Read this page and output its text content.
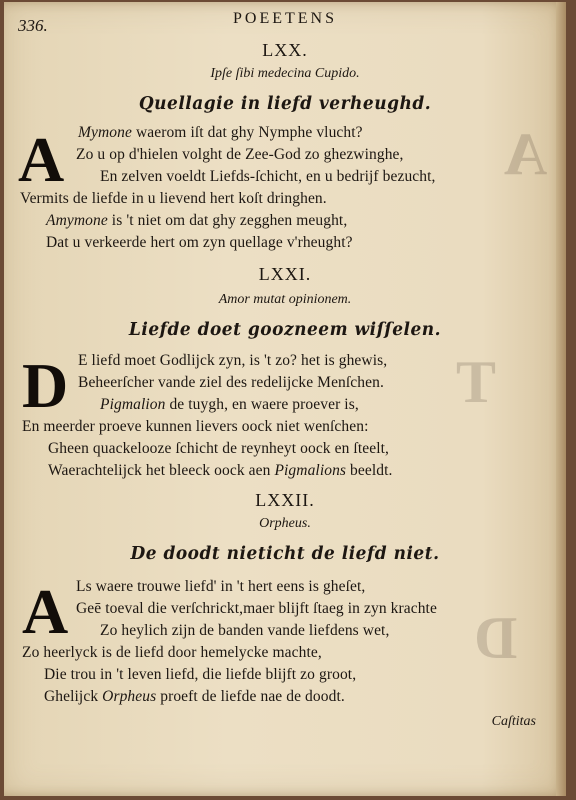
A
T
D
336.	POEETENS
LXX.
Ipſe ſibi medecina Cupido.
Quellagie in liefd verheughd.
A Mymone waerom iſt dat ghy Nymphe vlucht?
Zo u op d'hielen volght de Zee-God zo ghezwinghe,
En zelven voeldt Liefds-ſchicht, en u bedrijf bezucht,
Vermits de liefde in u lievend hert koſt dringhen.
Amymone is 't niet om dat ghy zegghen meught,
Dat u verkeerde hert om zyn quellage v'rheught?
LXXI.
Amor mutat opinionem.
Liefde doet goozneem wiſſelen.
D E liefd moet Godlijck zyn, is 't zo? het is ghewis,
Beheerſcher vande ziel des redelijcke Menſchen.
Pigmalion de tuygh, en waere proever is,
En meerder proeve kunnen lievers oock niet wenſchen:
Gheen quackelooze ſchicht de reynheyt oock en ſteelt,
Waerachtelijck het bleeck oock aen Pigmalions beeldt.
LXXII.
Orpheus.
De doodt nieticht de liefd niet.
A Ls waere trouwe liefd' in 't hert eens is gheſet,
Geē toeval die verſchrickt,maer blijft ſtaeg in zyn krachte
Zo heylich zijn de banden vande liefdens wet,
Zo heerlyck is de liefd door hemelycke machte,
Die trou in 't leven liefd, die liefde blijft zo groot,
Ghelijck Orpheus proeft de liefde nae de doodt.
Caſtitas
